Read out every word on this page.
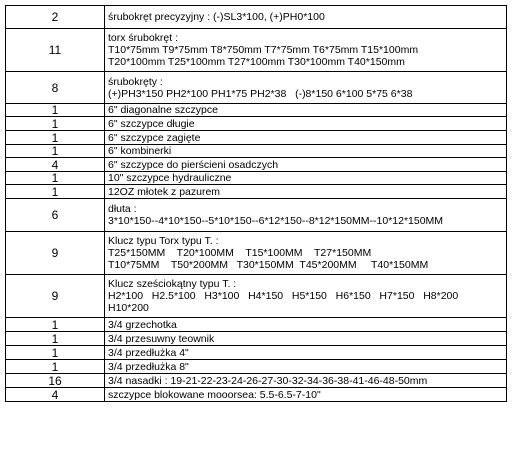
2	śrubokręt precyzyjny : (-)SL3*100, (+)PH0*100
11	torx śrubokręt :
T10*75mm T9*75mm T8*750mm T7*75mm T6*75mm T15*100mm
T20*100mm T25*100mm T27*100mm T30*100mm T40*150mm
8	śrubokręty :
(+)PH3*150 PH2*100 PH1*75 PH2*38   (-)8*150 6*100 5*75 6*38
1	6" diagonalne szczypce
1	6" szczypce długie
1	6" szczypce zagięte
1	6" kombinerki
4	6" szczypce do pierścieni osadczych
1	10" szczypce hydrauliczne
1	12OZ młotek z pazurem
6	dłuta :
3*10*150--4*10*150--5*10*150--6*12*150--8*12*150MM--10*12*150MM
9	Klucz typu Torx typu T. :
T25*150MM    T20*100MM    T15*100MM    T27*150MM
T10*75MM    T50*200MM   T30*150MM  T45*200MM     T40*150MM
9	Klucz sześciokątny typu T. :
H2*100   H2.5*100   H3*100   H4*150   H5*150   H6*150   H7*150   H8*200
H10*200
1	3/4 grzechotka
1	3/4 przesuwny teownik
1	3/4 przedłużka 4"
1	3/4 przedłużka 8"
16	3/4 nasadki : 19-21-22-23-24-26-27-30-32-34-36-38-41-46-48-50mm
4	szczypce blokowane mooorsea: 5.5-6.5-7-10"
